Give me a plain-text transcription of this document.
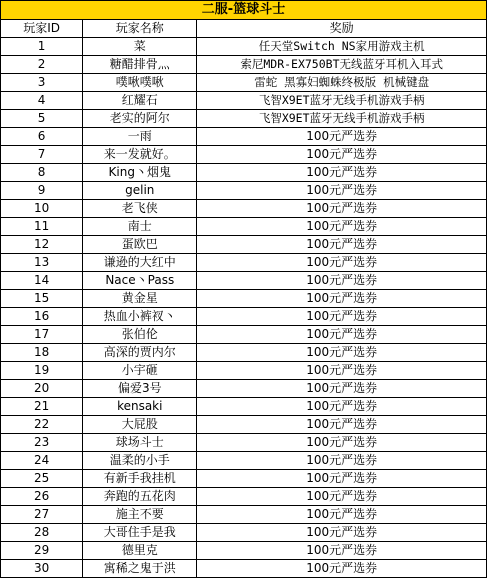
二服-篮球斗士		
玩家ID	玩家名称	奖励
1	菜	任天堂Switch NS家用游戏主机
2	糖醋排骨灬	索尼MDR-EX750BT无线蓝牙耳机入耳式
3	噗啾噗啾	雷蛇 黑寡妇蜘蛛终极版 机械键盘
4	红耀石	飞智X9ET蓝牙无线手机游戏手柄
5	老实的阿尔	飞智X9ET蓝牙无线手机游戏手柄
6	一雨	100元严选券
7	来一发就好。	100元严选券
8	King丶烟鬼	100元严选券
9	gelin	100元严选券
10	老飞侠	100元严选券
11	南士	100元严选券
12	蛋欧巴	100元严选券
13	谦逊的大红中	100元严选券
14	Nace丶Pass	100元严选券
15	黄金星	100元严选券
16	热血小裤衩丶	100元严选券
17	张伯伦	100元严选券
18	高深的贾内尔	100元严选券
19	小宇砸	100元严选券
20	偏爱3号	100元严选券
21	kensaki	100元严选券
22	大屁股	100元严选券
23	球场斗士	100元严选券
24	温柔的小手	100元严选券
25	有新手我挂机	100元严选券
26	奔跑的五花肉	100元严选券
27	施主不要	100元严选券
28	大哥住手是我	100元严选券
29	德里克	100元严选券
30	寓稀之鬼于洪	100元严选券
